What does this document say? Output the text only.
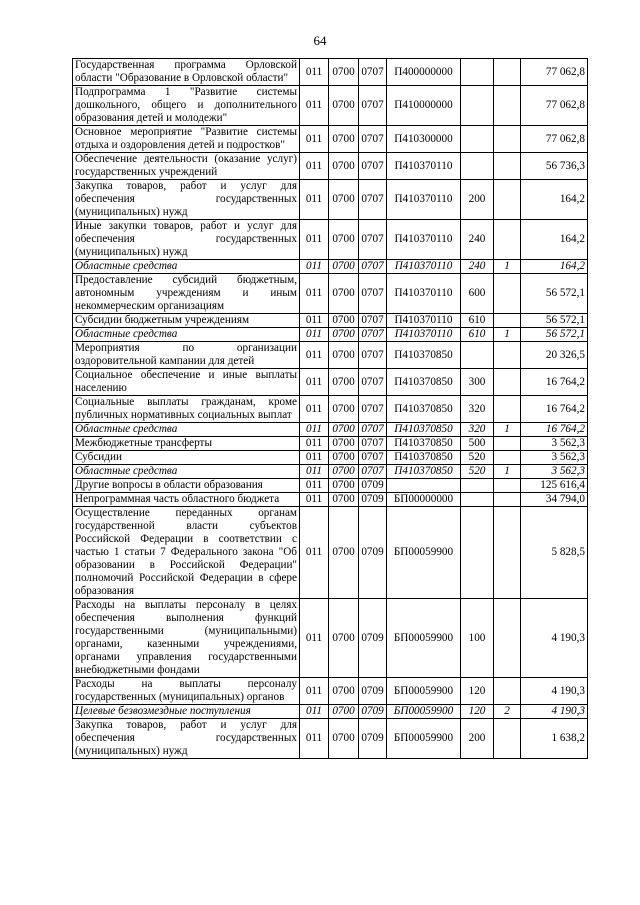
64
Государственная программа Орловской области "Образование в Орловской области"	011	0700	0707	П400000000			77 062,8
Подпрограмма 1 "Развитие системы дошкольного, общего и дополнительного образования детей и молодежи"	011	0700	0707	П410000000			77 062,8
Основное мероприятие "Развитие системы отдыха и оздоровления детей и подростков"	011	0700	0707	П410300000			77 062,8
Обеспечение деятельности (оказание услуг) государственных учреждений	011	0700	0707	П410370110			56 736,3
Закупка товаров, работ и услуг для обеспечения государственных (муниципальных) нужд	011	0700	0707	П410370110	200		164,2
Иные закупки товаров, работ и услуг для обеспечения государственных (муниципальных) нужд	011	0700	0707	П410370110	240		164,2
Областные средства	011	0700	0707	П410370110	240	1	164,2
Предоставление субсидий бюджетным, автономным учреждениям и иным некоммерческим организациям	011	0700	0707	П410370110	600		56 572,1
Субсидии бюджетным учреждениям	011	0700	0707	П410370110	610		56 572,1
Областные средства	011	0700	0707	П410370110	610	1	56 572,1
Мероприятия по организации оздоровительной кампании для детей	011	0700	0707	П410370850			20 326,5
Социальное обеспечение и иные выплаты населению	011	0700	0707	П410370850	300		16 764,2
Социальные выплаты гражданам, кроме публичных нормативных социальных выплат	011	0700	0707	П410370850	320		16 764,2
Областные средства	011	0700	0707	П410370850	320	1	16 764,2
Межбюджетные трансферты	011	0700	0707	П410370850	500		3 562,3
Субсидии	011	0700	0707	П410370850	520		3 562,3
Областные средства	011	0700	0707	П410370850	520	1	3 562,3
Другие вопросы в области образования	011	0700	0709				125 616,4
Непрограммная часть областного бюджета	011	0700	0709	БП00000000			34 794,0
Осуществление переданных органам государственной власти субъектов Российской Федерации в соответствии с частью 1 статьи 7 Федерального закона "Об образовании в Российской Федерации" полномочий Российской Федерации в сфере образования	011	0700	0709	БП00059900			5 828,5
Расходы на выплаты персоналу в целях обеспечения выполнения функций государственными (муниципальными) органами, казенными учреждениями, органами управления государственными внебюджетными фондами	011	0700	0709	БП00059900	100		4 190,3
Расходы на выплаты персоналу государственных (муниципальных) органов	011	0700	0709	БП00059900	120		4 190,3
Целевые безвозмездные поступления	011	0700	0709	БП00059900	120	2	4 190,3
Закупка товаров, работ и услуг для обеспечения государственных (муниципальных) нужд	011	0700	0709	БП00059900	200		1 638,2
